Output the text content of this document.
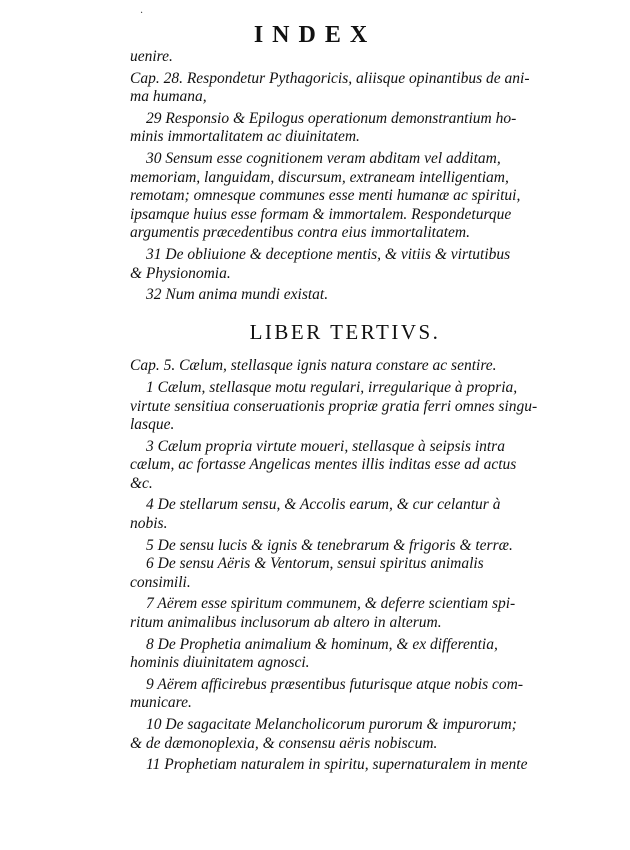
·
INDEX
uenire.
Cap. 28. Respondetur Pythagoricis, aliisque opinantibus de ani-
ma humana,
29 Responsio & Epilogus operationum demonstrantium ho-
minis immortalitatem ac diuinitatem.
30 Sensum esse cognitionem veram abditam vel additam,
memoriam, languidam, discursum, extraneam intelligentiam,
remotam; omnesque communes esse menti humanæ ac spiritui,
ipsamque huius esse formam & immortalem. Respondeturque
argumentis præcedentibus contra eius immortalitatem.
31 De obliuione & deceptione mentis, & vitiis & virtutibus
& Physionomia.
32 Num anima mundi existat.
LIBER TERTIVS.
Cap. 5. Cælum, stellasque ignis natura constare ac sentire.
1 Cælum, stellasque motu regulari, irregularique à propria,
virtute sensitiua conseruationis propriæ gratia ferri omnes singu-
lasque.
3 Cælum propria virtute moueri, stellasque à seipsis intra
cælum, ac fortasse Angelicas mentes illis inditas esse ad actus
&c.
4 De stellarum sensu, & Accolis earum, & cur celantur à
nobis.
5 De sensu lucis & ignis & tenebrarum & frigoris & terræ.
6 De sensu Aëris & Ventorum, sensui spiritus animalis
consimili.
7 Aërem esse spiritum communem, & deferre scientiam spi-
ritum animalibus inclusorum ab altero in alterum.
8 De Prophetia animalium & hominum, & ex differentia,
hominis diuinitatem agnosci.
9 Aërem afficirebus præsentibus futurisque atque nobis com-
municare.
10 De sagacitate Melancholicorum purorum & impurorum;
& de dæmonoplexia, & consensu aëris nobiscum.
11 Prophetiam naturalem in spiritu, supernaturalem in mente
